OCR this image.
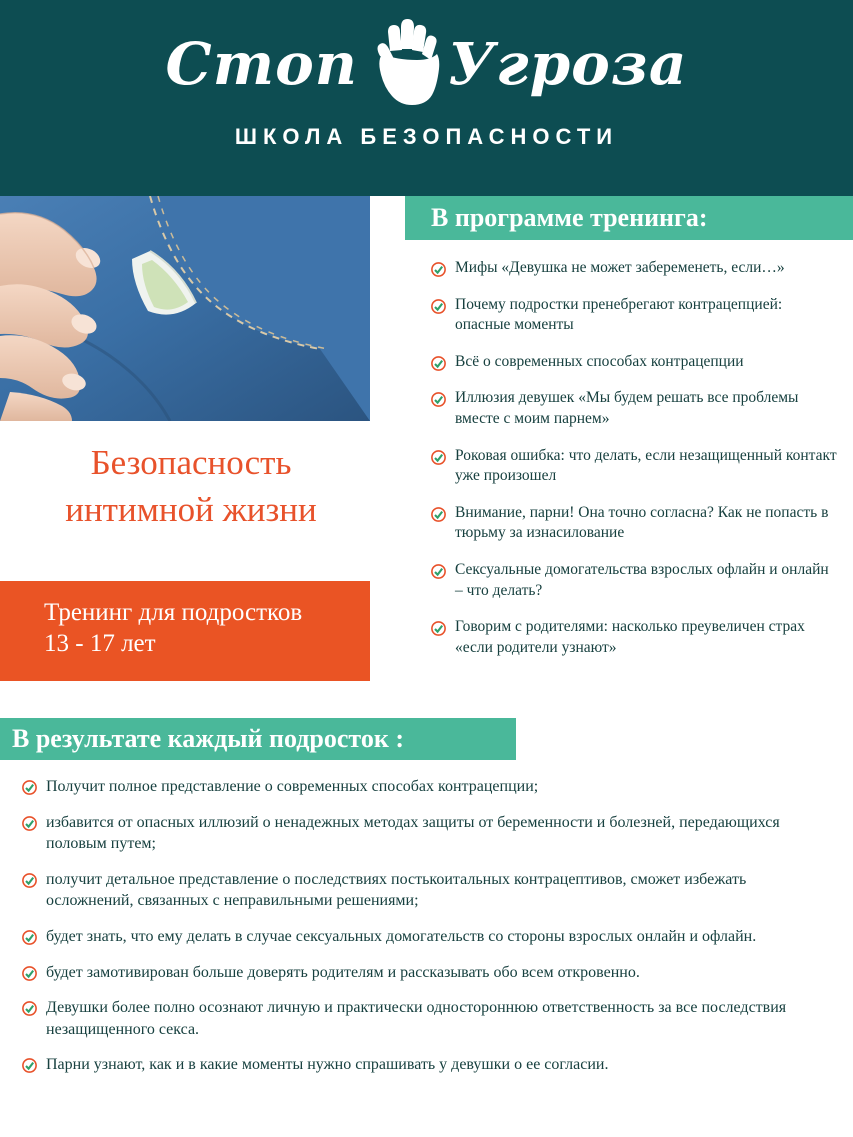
Стоп Угроза
ШКОЛА БЕЗОПАСНОСТИ
Безопасность
интимной жизни
Тренинг для подростков
13 - 17 лет
В программе тренинга:
Мифы «Девушка не может забеременеть, если…»
Почему подростки пренебрегают контрацепцией: опасные моменты
Всё о современных способах контрацепции
Иллюзия девушек «Мы будем решать все проблемы вместе с моим парнем»
Роковая ошибка: что делать, если незащищенный контакт уже произошел
Внимание, парни! Она точно согласна? Как не попасть в тюрьму за изнасилование
Сексуальные домогательства взрослых офлайн и онлайн – что делать?
Говорим с родителями: насколько преувеличен страх «если родители узнают»
В результате каждый подросток :
Получит полное представление о современных способах контрацепции;
избавится от опасных иллюзий о ненадежных методах защиты от беременности и болезней, передающихся половым путем;
получит детальное представление о последствиях постькоитальных контрацептивов, сможет избежать осложнений, связанных с неправильными решениями;
будет знать, что ему делать в случае сексуальных домогательств со стороны взрослых онлайн и офлайн.
будет замотивирован больше доверять родителям и рассказывать обо всем откровенно.
Девушки более полно осознают личную и практически одностороннюю ответственность за все последствия незащищенного секса.
Парни узнают, как и в какие моменты нужно спрашивать у девушки о ее согласии.
